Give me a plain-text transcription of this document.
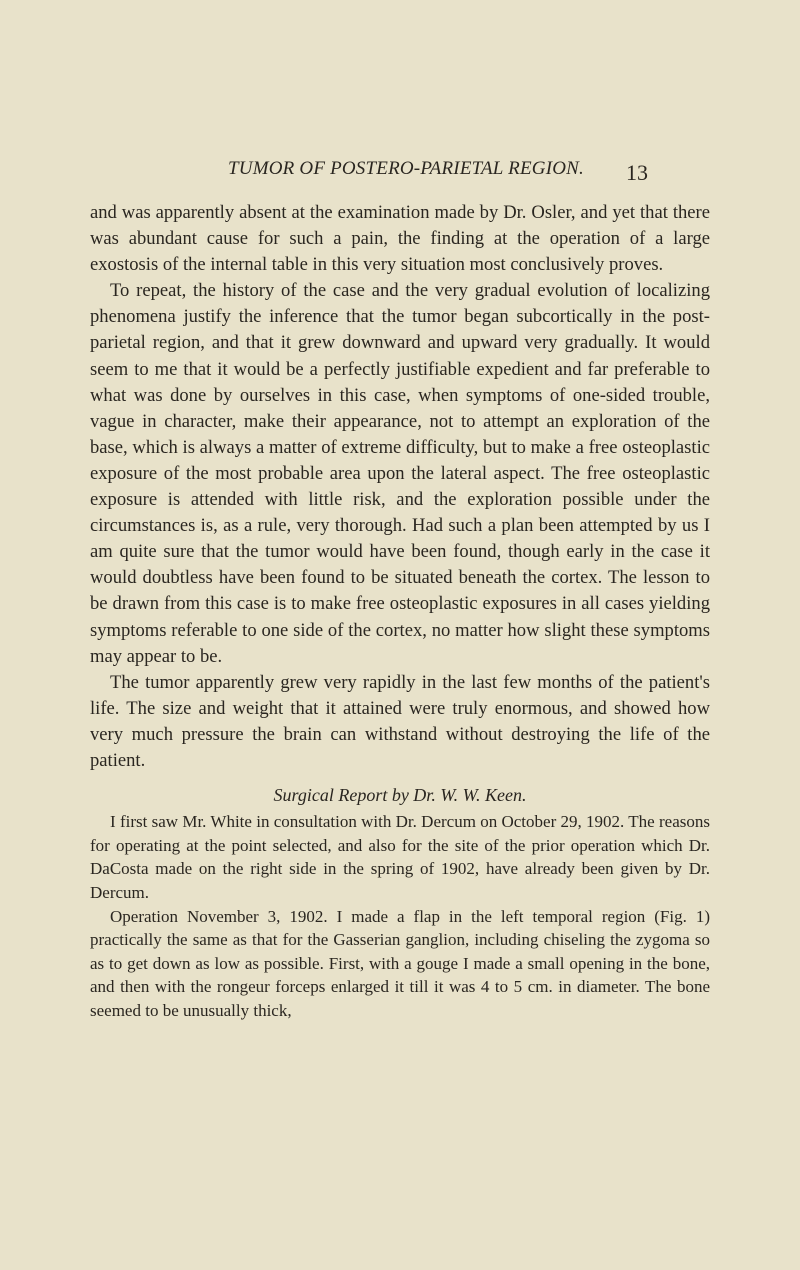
TUMOR OF POSTERO-PARIETAL REGION. 13

and was apparently absent at the examination made by Dr. Osler, and yet that there was abundant cause for such a pain, the finding at the operation of a large exostosis of the internal table in this very situation most conclusively proves.

To repeat, the history of the case and the very gradual evolution of localizing phenomena justify the inference that the tumor began subcortically in the post-parietal region, and that it grew downward and upward very gradually. It would seem to me that it would be a perfectly justifiable expedient and far preferable to what was done by ourselves in this case, when symptoms of one-sided trouble, vague in character, make their appearance, not to attempt an exploration of the base, which is always a matter of extreme difficulty, but to make a free osteoplastic exposure of the most probable area upon the lateral aspect. The free osteoplastic exposure is attended with little risk, and the exploration possible under the circumstances is, as a rule, very thorough. Had such a plan been attempted by us I am quite sure that the tumor would have been found, though early in the case it would doubtless have been found to be situated beneath the cortex. The lesson to be drawn from this case is to make free osteoplastic exposures in all cases yielding symptoms referable to one side of the cortex, no matter how slight these symptoms may appear to be.

The tumor apparently grew very rapidly in the last few months of the patient's life. The size and weight that it attained were truly enormous, and showed how very much pressure the brain can withstand without destroying the life of the patient.

Surgical Report by Dr. W. W. Keen.

I first saw Mr. White in consultation with Dr. Dercum on October 29, 1902. The reasons for operating at the point selected, and also for the site of the prior operation which Dr. DaCosta made on the right side in the spring of 1902, have already been given by Dr. Dercum.

Operation November 3, 1902. I made a flap in the left temporal region (Fig. 1) practically the same as that for the Gasserian ganglion, including chiseling the zygoma so as to get down as low as possible. First, with a gouge I made a small opening in the bone, and then with the rongeur forceps enlarged it till it was 4 to 5 cm. in diameter. The bone seemed to be unusually thick,
